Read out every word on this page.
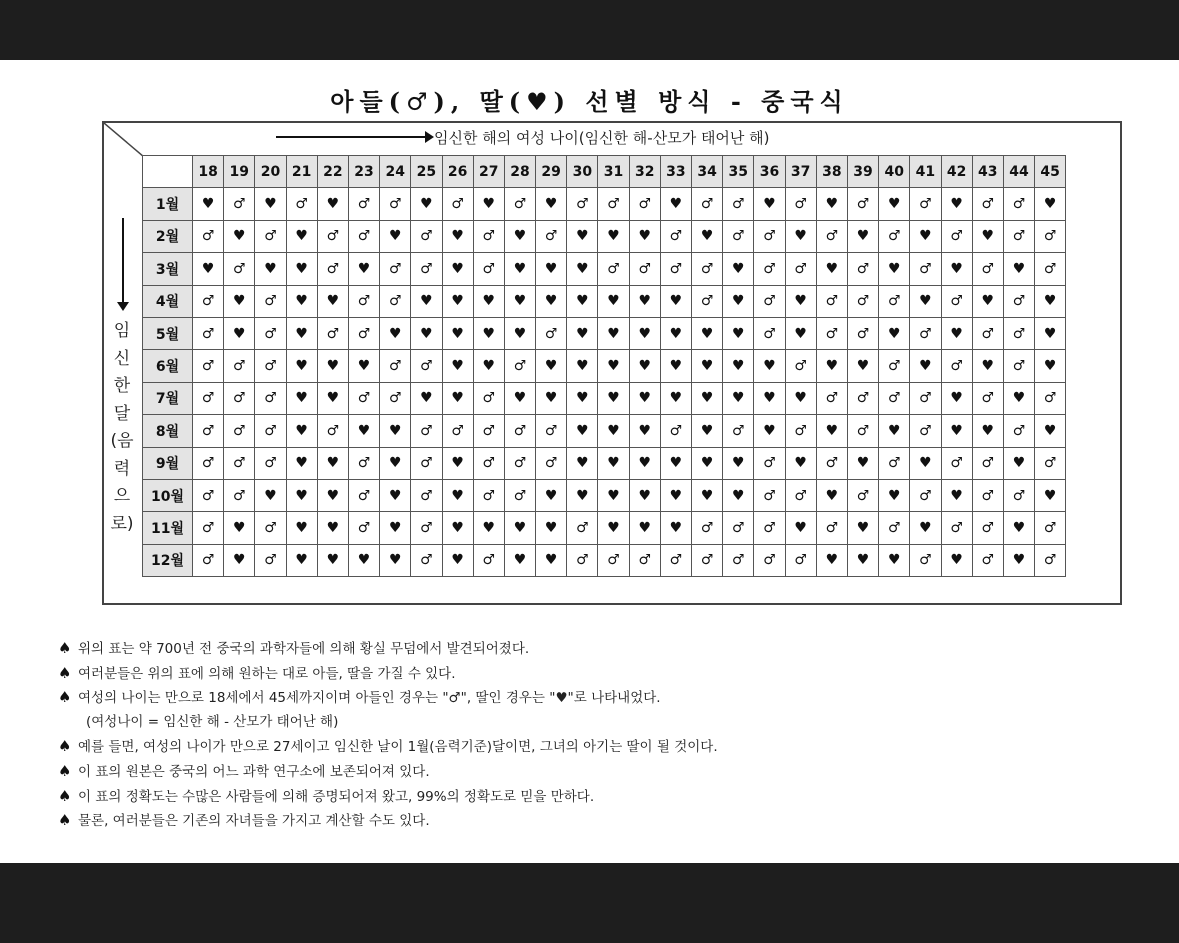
아들(♂), 딸(♥) 선별 방식 - 중국식
임신한 해의 여성 나이(임신한 해-산모가 태어난 해)
임신한달(음력으로)
	18	19	20	21	22	23	24	25	26	27	28	29	30	31	32	33	34	35	36	37	38	39	40	41	42	43	44	45
1월	♥	♂	♥	♂	♥	♂	♂	♥	♂	♥	♂	♥	♂	♂	♂	♥	♂	♂	♥	♂	♥	♂	♥	♂	♥	♂	♂	♥
2월	♂	♥	♂	♥	♂	♂	♥	♂	♥	♂	♥	♂	♥	♥	♥	♂	♥	♂	♂	♥	♂	♥	♂	♥	♂	♥	♂	♂
3월	♥	♂	♥	♥	♂	♥	♂	♂	♥	♂	♥	♥	♥	♂	♂	♂	♂	♥	♂	♂	♥	♂	♥	♂	♥	♂	♥	♂
4월	♂	♥	♂	♥	♥	♂	♂	♥	♥	♥	♥	♥	♥	♥	♥	♥	♂	♥	♂	♥	♂	♂	♂	♥	♂	♥	♂	♥
5월	♂	♥	♂	♥	♂	♂	♥	♥	♥	♥	♥	♂	♥	♥	♥	♥	♥	♥	♂	♥	♂	♂	♥	♂	♥	♂	♂	♥
6월	♂	♂	♂	♥	♥	♥	♂	♂	♥	♥	♂	♥	♥	♥	♥	♥	♥	♥	♥	♂	♥	♥	♂	♥	♂	♥	♂	♥
7월	♂	♂	♂	♥	♥	♂	♂	♥	♥	♂	♥	♥	♥	♥	♥	♥	♥	♥	♥	♥	♂	♂	♂	♂	♥	♂	♥	♂
8월	♂	♂	♂	♥	♂	♥	♥	♂	♂	♂	♂	♂	♥	♥	♥	♂	♥	♂	♥	♂	♥	♂	♥	♂	♥	♥	♂	♥
9월	♂	♂	♂	♥	♥	♂	♥	♂	♥	♂	♂	♂	♥	♥	♥	♥	♥	♥	♂	♥	♂	♥	♂	♥	♂	♂	♥	♂
10월	♂	♂	♥	♥	♥	♂	♥	♂	♥	♂	♂	♥	♥	♥	♥	♥	♥	♥	♂	♂	♥	♂	♥	♂	♥	♂	♂	♥
11월	♂	♥	♂	♥	♥	♂	♥	♂	♥	♥	♥	♥	♂	♥	♥	♥	♂	♂	♂	♥	♂	♥	♂	♥	♂	♂	♥	♂
12월	♂	♥	♂	♥	♥	♥	♥	♂	♥	♂	♥	♥	♂	♂	♂	♂	♂	♂	♂	♂	♥	♥	♥	♂	♥	♂	♥	♂
♠ 위의 표는 약 700년 전 중국의 과학자들에 의해 황실 무덤에서 발견되어졌다.
♠ 여러분들은 위의 표에 의해 원하는 대로 아들, 딸을 가질 수 있다.
♠ 여성의 나이는 만으로 18세에서 45세까지이며 아들인 경우는 "♂", 딸인 경우는 "♥"로 나타내었다.
(여성나이 = 임신한 해 - 산모가 태어난 해)
♠ 예를 들면, 여성의 나이가 만으로 27세이고 임신한 날이 1월(음력기준)달이면, 그녀의 아기는 딸이 될 것이다.
♠ 이 표의 원본은 중국의 어느 과학 연구소에 보존되어져 있다.
♠ 이 표의 정확도는 수많은 사람들에 의해 증명되어져 왔고, 99%의 정확도로 믿을 만하다.
♠ 물론, 여러분들은 기존의 자녀들을 가지고 계산할 수도 있다.
